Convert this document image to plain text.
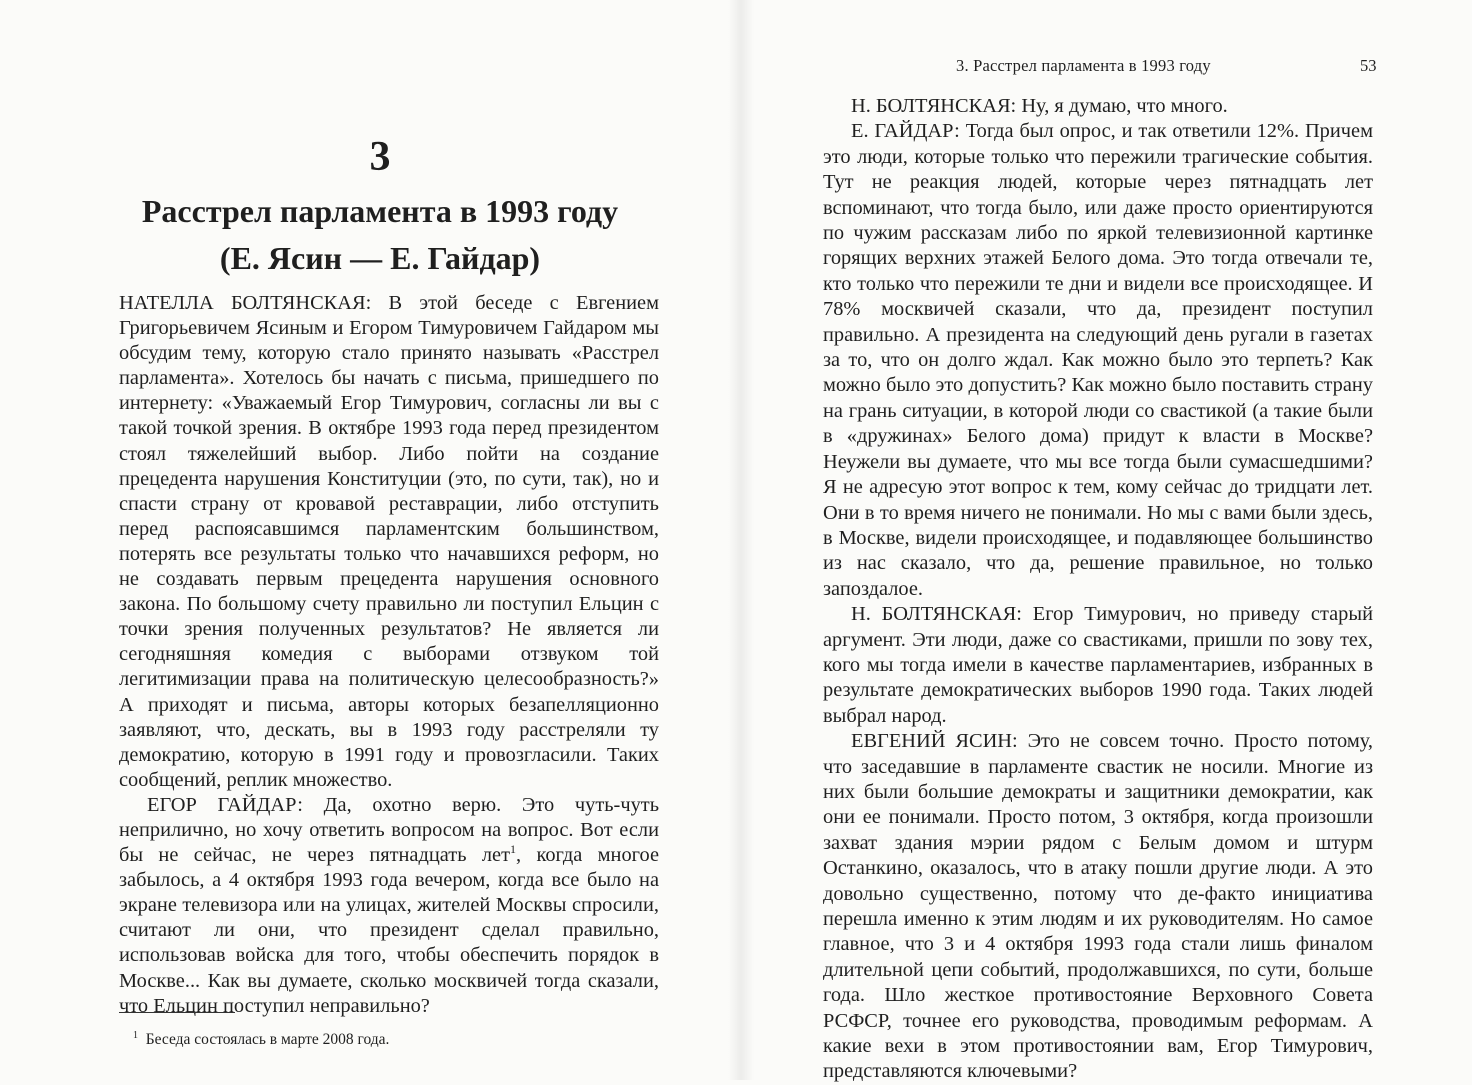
3
Расстрел парламента в 1993 году
(Е. Ясин — Е. Гайдар)

НАТЕЛЛА БОЛТЯНСКАЯ: В этой беседе с Евгением Григорьевичем Ясиным и Егором Тимуровичем Гайдаром мы обсудим тему, которую стало принято называть «Расстрел парламента». Хотелось бы начать с письма, пришедшего по интернету: «Уважаемый Егор Тимурович, согласны ли вы с такой точкой зрения. В октябре 1993 года перед президентом стоял тяжелейший выбор. Либо пойти на создание прецедента нарушения Конституции (это, по сути, так), но и спасти страну от кровавой реставрации, либо отступить перед распоясавшимся парламентским большинством, потерять все результаты только что начавшихся реформ, но не создавать первым прецедента нарушения основного закона. По большому счету правильно ли поступил Ельцин с точки зрения полученных результатов? Не является ли сегодняшняя комедия с выборами отзвуком той легитимизации права на политическую целесообразность?» А приходят и письма, авторы которых безапелляционно заявляют, что, дескать, вы в 1993 году расстреляли ту демократию, которую в 1991 году и провозгласили. Таких сообщений, реплик множество.

ЕГОР ГАЙДАР: Да, охотно верю. Это чуть-чуть неприлично, но хочу ответить вопросом на вопрос. Вот если бы не сейчас, не через пятнадцать лет$^1$, когда многое забылось, а 4 октября 1993 года вечером, когда все было на экране телевизора или на улицах, жителей Москвы спросили, считают ли они, что президент сделал правильно, использовав войска для того, чтобы обеспечить порядок в Москве... Как вы думаете, сколько москвичей тогда сказали, что Ельцин поступил неправильно?

$^1$ Беседа состоялась в марте 2008 года.
3. Расстрел парламента в 1993 году	53

Н. БОЛТЯНСКАЯ: Ну, я думаю, что много.

Е. ГАЙДАР: Тогда был опрос, и так ответили 12%. Причем это люди, которые только что пережили трагические события. Тут не реакция людей, которые через пятнадцать лет вспоминают, что тогда было, или даже просто ориентируются по чужим рассказам либо по яркой телевизионной картинке горящих верхних этажей Белого дома. Это тогда отвечали те, кто только что пережили те дни и видели все происходящее. И 78% москвичей сказали, что да, президент поступил правильно. А президента на следующий день ругали в газетах за то, что он долго ждал. Как можно было это терпеть? Как можно было это допустить? Как можно было поставить страну на грань ситуации, в которой люди со свастикой (а такие были в «дружинах» Белого дома) придут к власти в Москве? Неужели вы думаете, что мы все тогда были сумасшедшими? Я не адресую этот вопрос к тем, кому сейчас до тридцати лет. Они в то время ничего не понимали. Но мы с вами были здесь, в Москве, видели происходящее, и подавляющее большинство из нас сказало, что да, решение правильное, но только запоздалое.

Н. БОЛТЯНСКАЯ: Егор Тимурович, но приведу старый аргумент. Эти люди, даже со свастиками, пришли по зову тех, кого мы тогда имели в качестве парламентариев, избранных в результате демократических выборов 1990 года. Таких людей выбрал народ.

ЕВГЕНИЙ ЯСИН: Это не совсем точно. Просто потому, что заседавшие в парламенте свастик не носили. Многие из них были большие демократы и защитники демократии, как они ее понимали. Просто потом, 3 октября, когда произошли захват здания мэрии рядом с Белым домом и штурм Останкино, оказалось, что в атаку пошли другие люди. А это довольно существенно, потому что де-факто инициатива перешла именно к этим людям и их руководителям. Но самое главное, что 3 и 4 октября 1993 года стали лишь финалом длительной цепи событий, продолжавшихся, по сути, больше года. Шло жесткое противостояние Верховного Совета РСФСР, точнее его руководства, проводимым реформам. А какие вехи в этом противостоянии вам, Егор Тимурович, представляются ключевыми?
